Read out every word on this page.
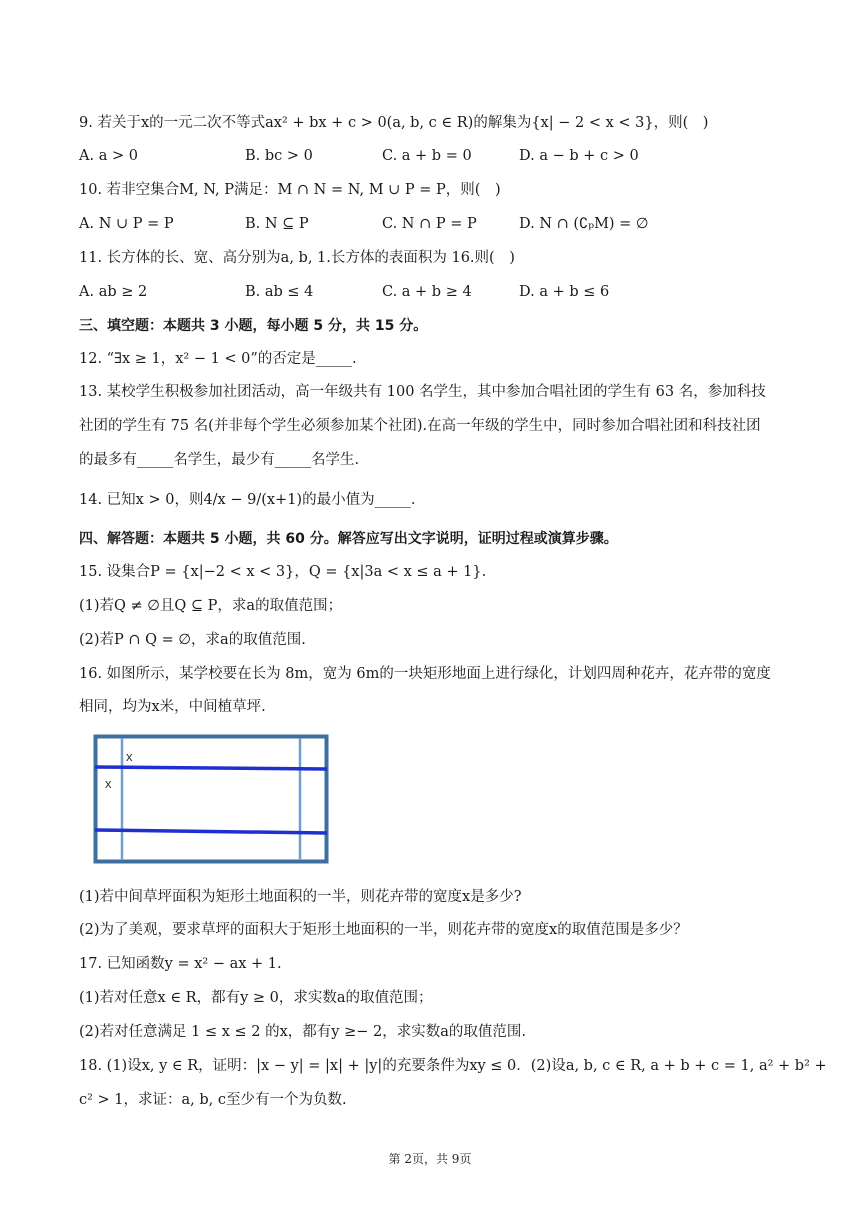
9. 若关于x的一元二次不等式ax² + bx + c > 0(a, b, c ∈ R)的解集为{x| − 2 < x < 3}，则(　)
A. a > 0	B. bc > 0	C. a + b = 0	D. a − b + c > 0
10. 若非空集合M, N, P满足：M ∩ N = N, M ∪ P = P，则(　)
A. N ∪ P = P	B. N ⊆ P	C. N ∩ P = P	D. N ∩ (∁ₚM) = ∅
11. 长方体的长、宽、高分别为a, b, 1.长方体的表面积为 16.则(　)
A. ab ≥ 2	B. ab ≤ 4	C. a + b ≥ 4	D. a + b ≤ 6
三、填空题：本题共 3 小题，每小题 5 分，共 15 分。
12. “∃x ≥ 1，x² − 1 < 0”的否定是_____.
13. 某校学生积极参加社团活动，高一年级共有 100 名学生，其中参加合唱社团的学生有 63 名，参加科技
社团的学生有 75 名(并非每个学生必须参加某个社团).在高一年级的学生中，同时参加合唱社团和科技社团
的最多有_____名学生，最少有_____名学生.
14. 已知x > 0，则4/x − 9/(x+1)的最小值为_____.
四、解答题：本题共 5 小题，共 60 分。解答应写出文字说明，证明过程或演算步骤。
15. 设集合P = {x|−2 < x < 3}，Q = {x|3a < x ≤ a + 1}.
(1)若Q ≠ ∅且Q ⊆ P，求a的取值范围；
(2)若P ∩ Q = ∅，求a的取值范围.
16. 如图所示，某学校要在长为 8m，宽为 6m的一块矩形地面上进行绿化，计划四周种花卉，花卉带的宽度
相同，均为x米，中间植草坪.
x
x
(1)若中间草坪面积为矩形土地面积的一半，则花卉带的宽度x是多少?
(2)为了美观，要求草坪的面积大于矩形土地面积的一半，则花卉带的宽度x的取值范围是多少？
17. 已知函数y = x² − ax + 1.
(1)若对任意x ∈ R，都有y ≥ 0，求实数a的取值范围；
(2)若对任意满足 1 ≤ x ≤ 2 的x，都有y ≥− 2，求实数a的取值范围.
18. (1)设x, y ∈ R，证明：|x − y| = |x| + |y|的充要条件为xy ≤ 0．(2)设a, b, c ∈ R, a + b + c = 1, a² + b² +
c² > 1，求证：a, b, c至少有一个为负数.
第 2页，共 9页
